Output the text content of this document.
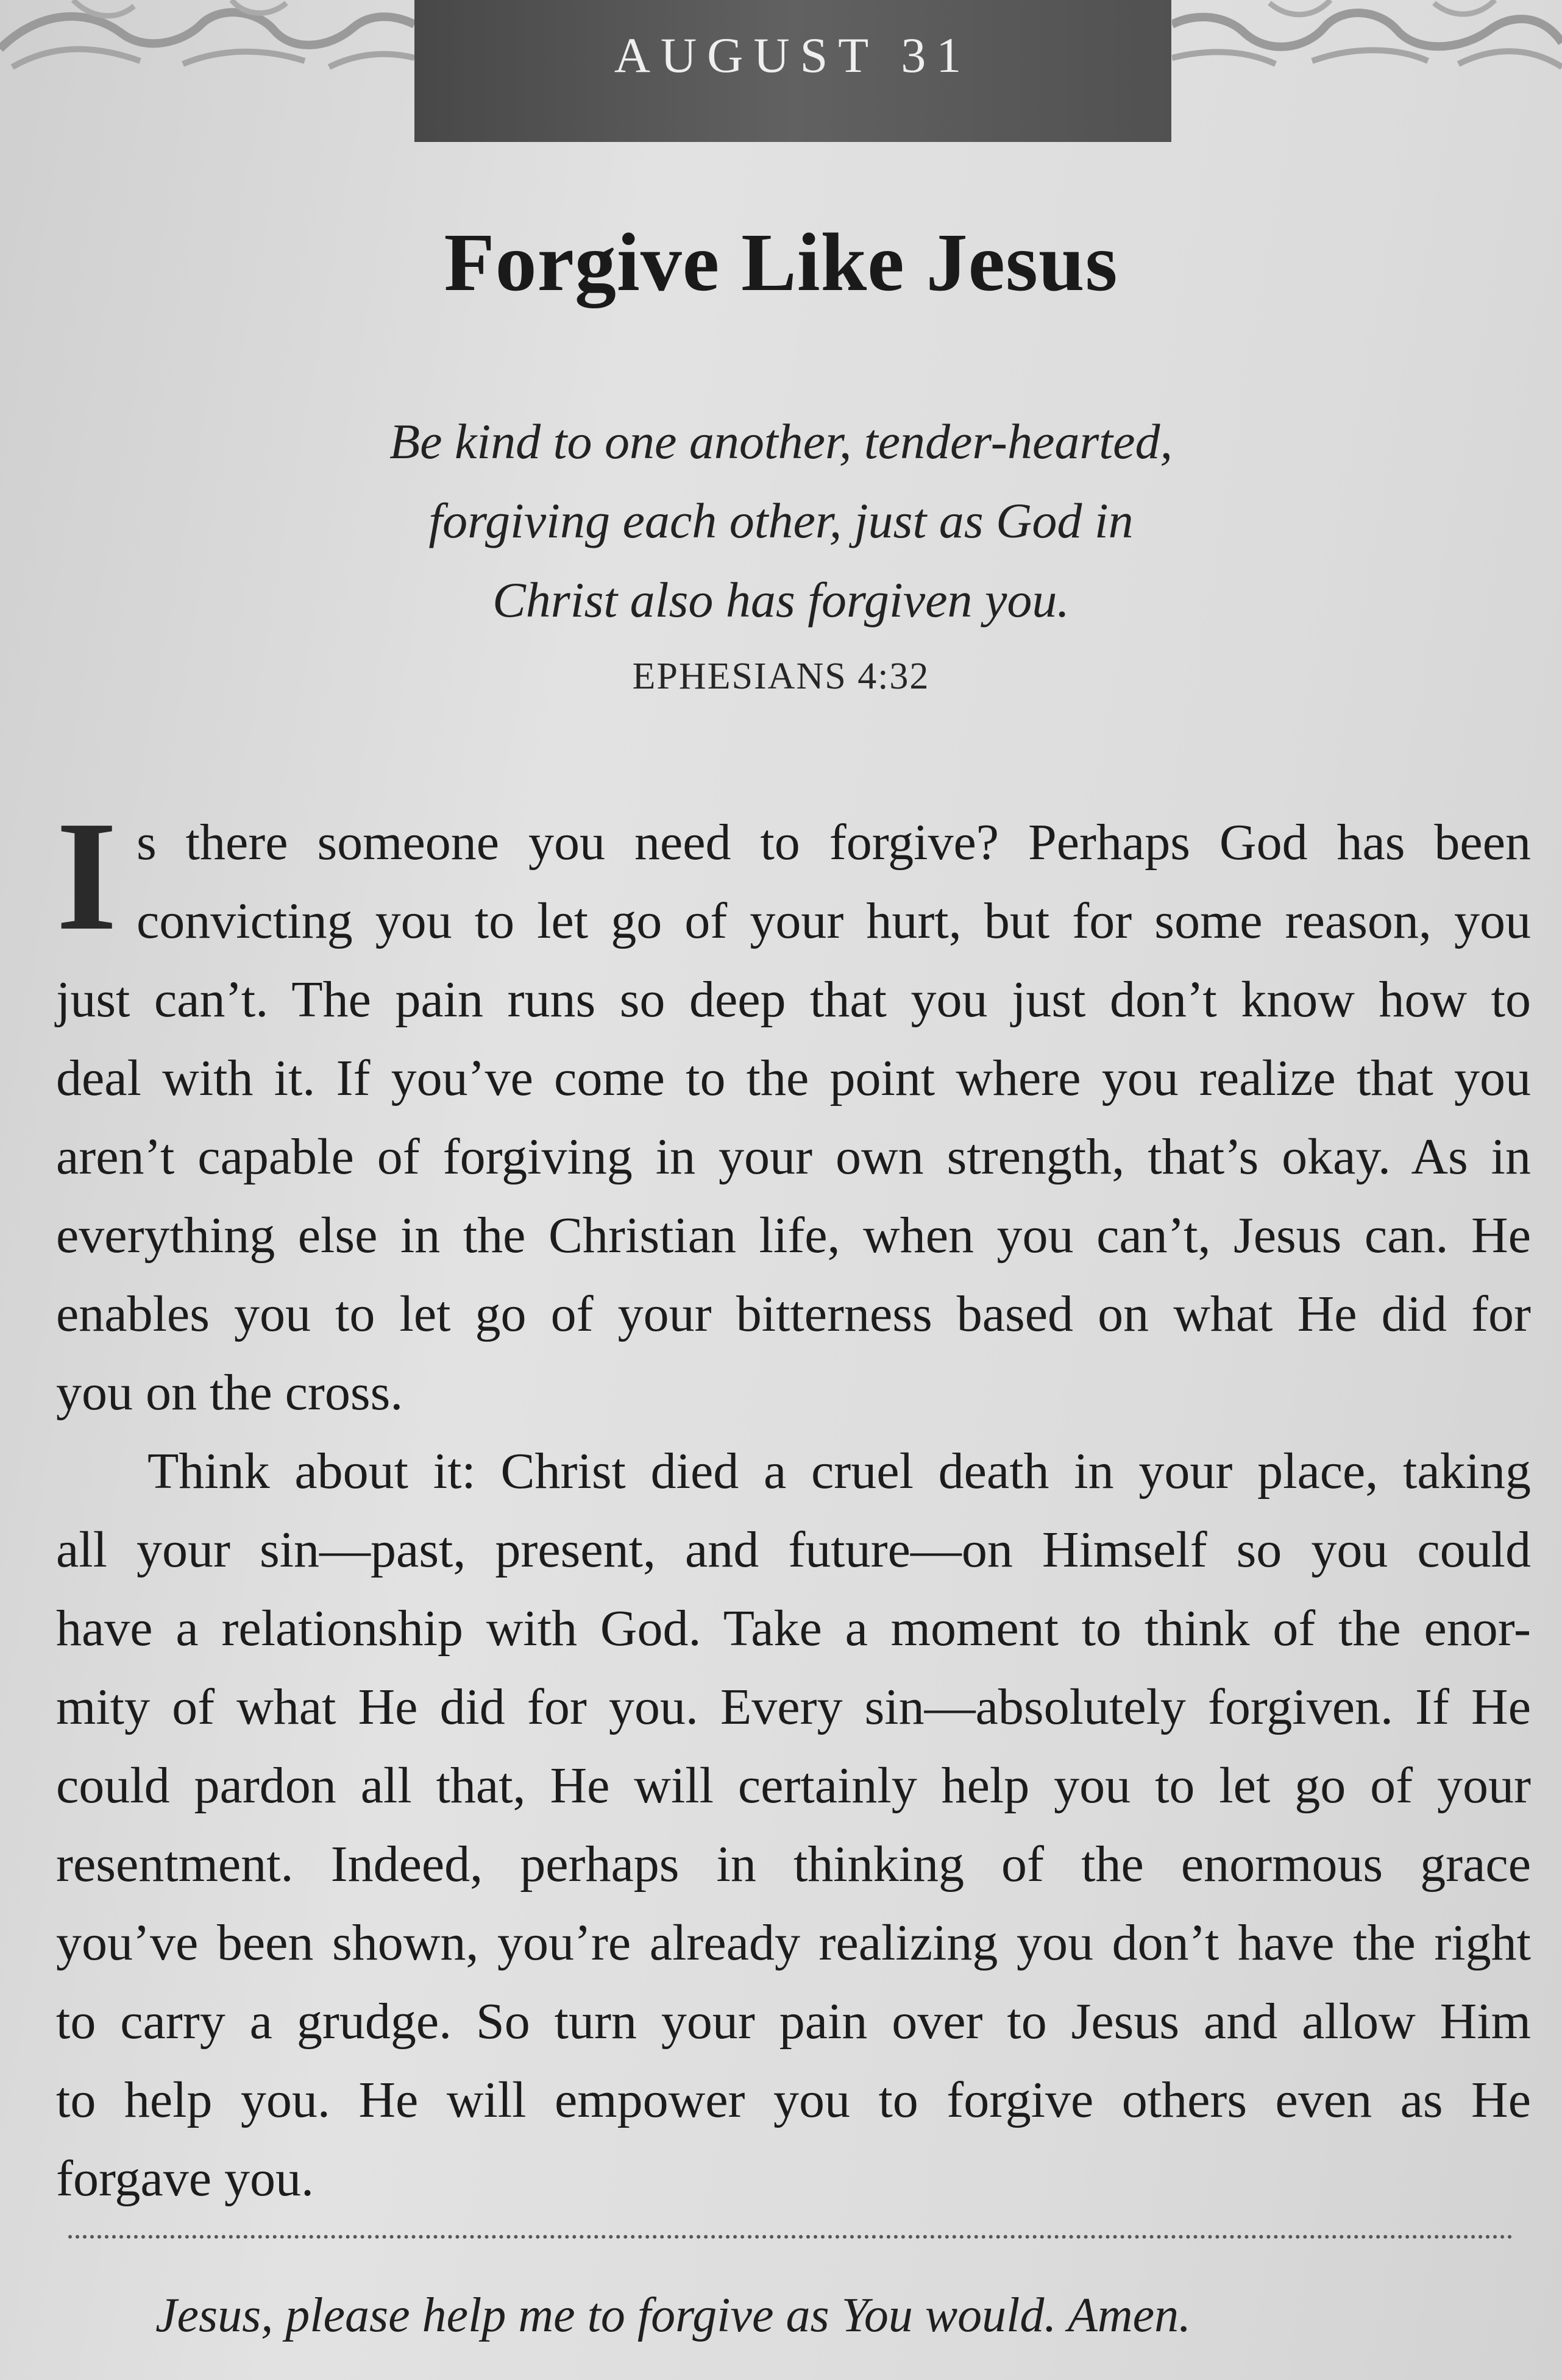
AUGUST 31
Forgive Like Jesus
Be kind to one another, tender-hearted,
forgiving each other, just as God in
Christ also has forgiven you.
EPHESIANS 4:32
I s there someone you need to forgive? Perhaps God has been
convicting you to let go of your hurt, but for some reason, you
just can’t. The pain runs so deep that you just don’t know how to
deal with it. If you’ve come to the point where you realize that you
aren’t capable of forgiving in your own strength, that’s okay. As in
everything else in the Christian life, when you can’t, Jesus can. He
enables you to let go of your bitterness based on what He did for
you on the cross.
Think about it: Christ died a cruel death in your place, taking
all your sin—past, present, and future—on Himself so you could
have a relationship with God. Take a moment to think of the enor-
mity of what He did for you. Every sin—absolutely forgiven. If He
could pardon all that, He will certainly help you to let go of your
resentment. Indeed, perhaps in thinking of the enormous grace
you’ve been shown, you’re already realizing you don’t have the right
to carry a grudge. So turn your pain over to Jesus and allow Him
to help you. He will empower you to forgive others even as He
forgave you.
Jesus, please help me to forgive as You would. Amen.
